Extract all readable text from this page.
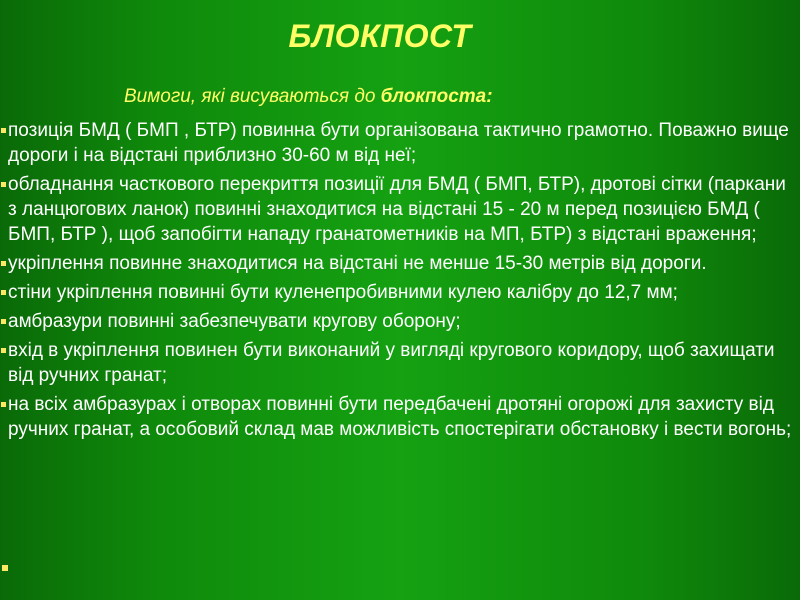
БЛОКПОСТ
Вимоги, які висуваються до блокпоста:
позиція БМД ( БМП , БТР) повинна бути організована тактично грамотно. Поважно вище дороги і на відстані приблизно 30-60 м від неї;
обладнання часткового перекриття позиції для БМД ( БМП, БТР), дротові сітки (паркани з ланцюгових ланок) повинні знаходитися на відстані 15 - 20 м перед позицією БМД ( БМП, БТР ), щоб запобігти нападу гранатометників на МП, БТР) з відстані враження;
укріплення повинне знаходитися на відстані не менше 15-30 метрів від дороги.
стіни укріплення повинні бути куленепробивними кулею калібру до 12,7 мм;
амбразури повинні забезпечувати кругову оборону;
вхід в укріплення повинен бути виконаний у вигляді кругового коридору, щоб захищати від ручних гранат;
на всіх амбразурах і отворах повинні бути передбачені дротяні огорожі для захисту від ручних гранат, а особовий склад мав можливість спостерігати обстановку і вести вогонь;
